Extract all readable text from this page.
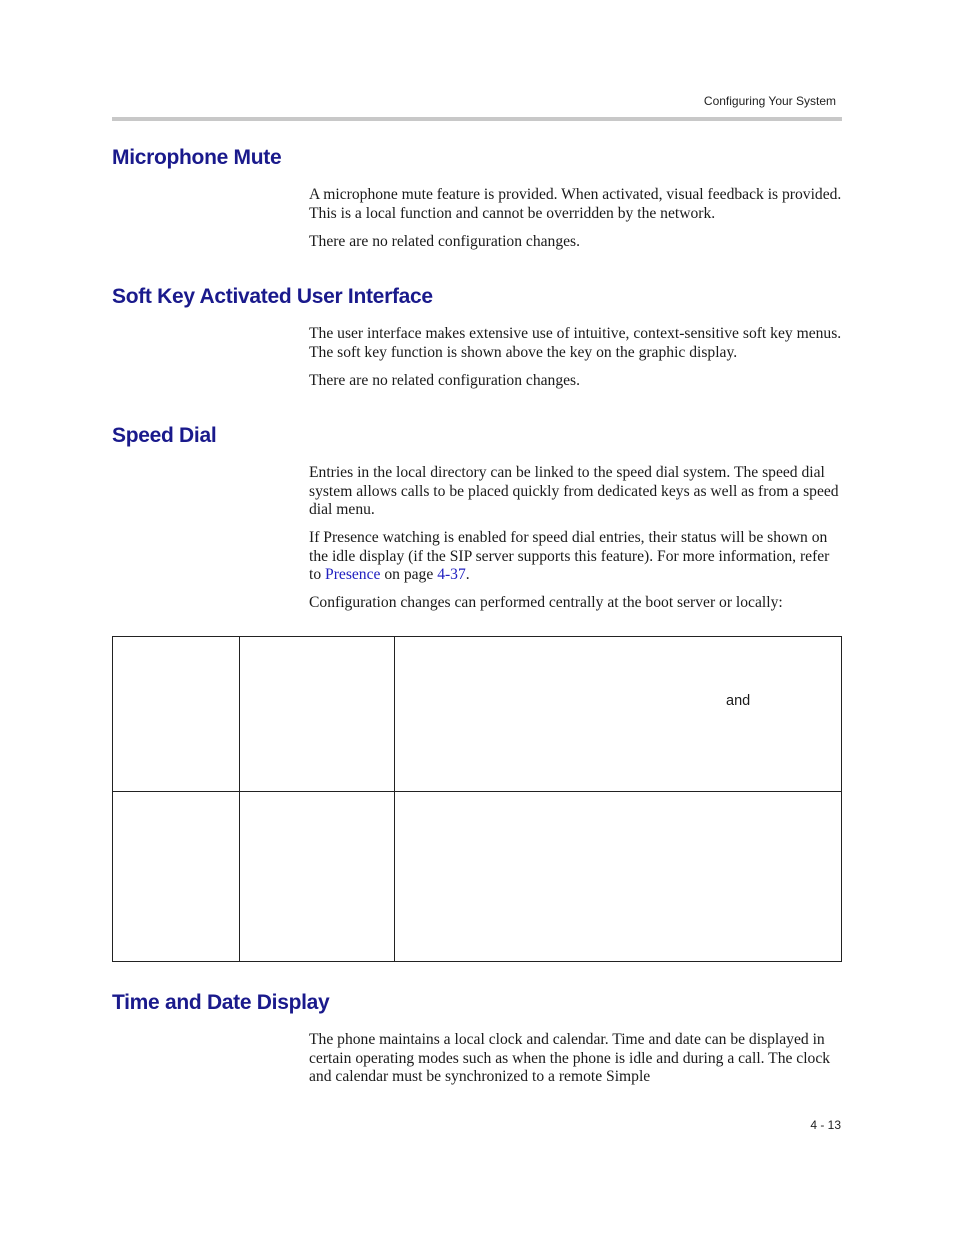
Configuring Your System
Microphone Mute

A microphone mute feature is provided. When activated, visual feedback is provided. This is a local function and cannot be overridden by the network.

There are no related configuration changes.

Soft Key Activated User Interface

The user interface makes extensive use of intuitive, context-sensitive soft key menus. The soft key function is shown above the key on the graphic display.

There are no related configuration changes.

Speed Dial

Entries in the local directory can be linked to the speed dial system. The speed dial system allows calls to be placed quickly from dedicated keys as well as from a speed dial menu.

If Presence watching is enabled for speed dial entries, their status will be shown on the idle display (if the SIP server supports this feature). For more information, refer to Presence on page 4-37.

Configuration changes can performed centrally at the boot server or locally:

and
Time and Date Display

The phone maintains a local clock and calendar. Time and date can be displayed in certain operating modes such as when the phone is idle and during a call. The clock and calendar must be synchronized to a remote Simple

4 - 13
